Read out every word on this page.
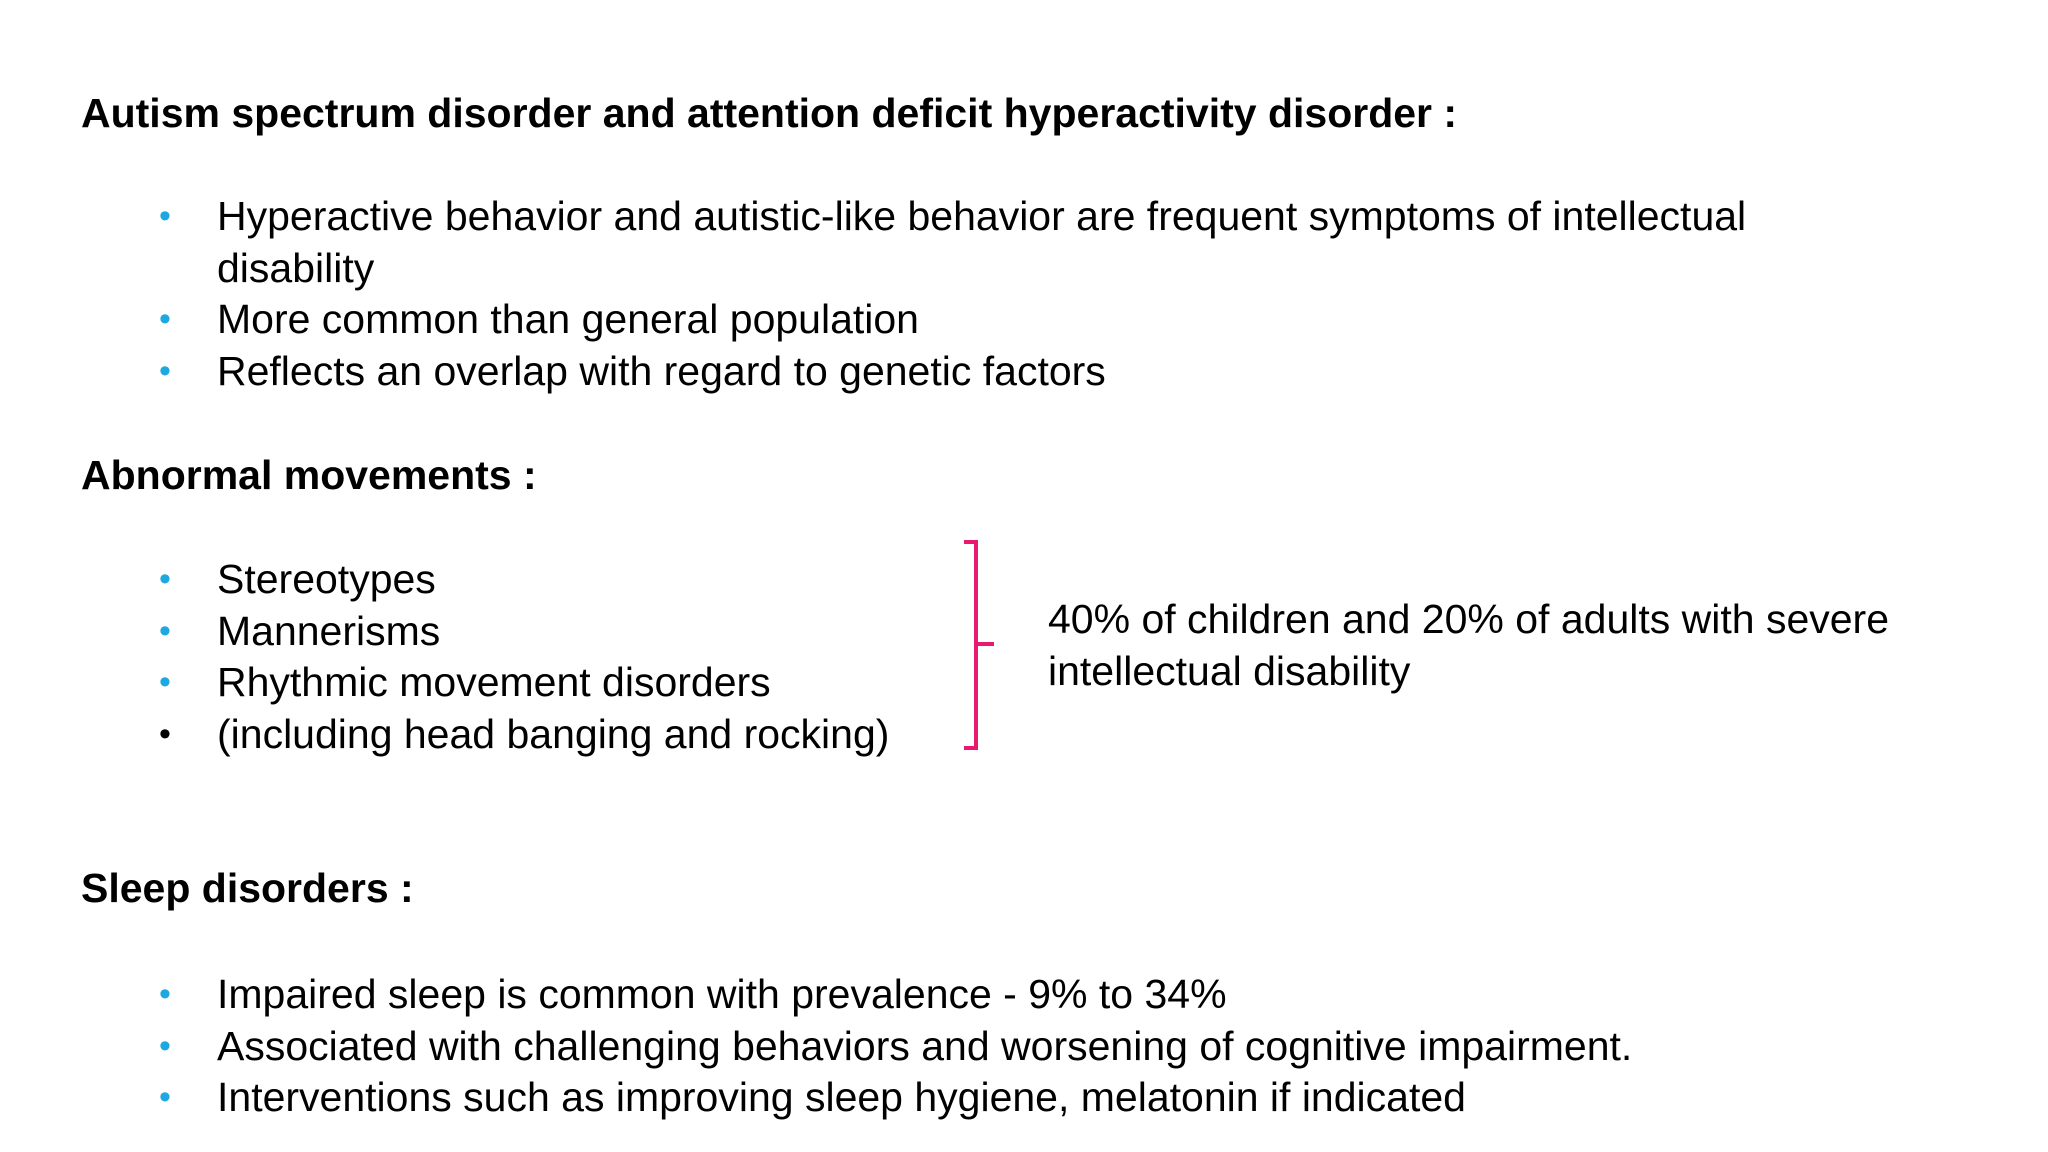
Autism spectrum disorder and attention deficit hyperactivity disorder :
• Hyperactive behavior and autistic-like behavior are frequent symptoms of intellectual disability
• More common than general population
• Reflects an overlap with regard to genetic factors
Abnormal movements :
• Stereotypes
• Mannerisms
• Rhythmic movement disorders
• (including head banging and rocking)

40% of children and 20% of adults with severe intellectual disability

Sleep disorders :
• Impaired sleep is common with prevalence - 9% to 34%
• Associated with challenging behaviors and worsening of cognitive impairment.
• Interventions such as improving sleep hygiene, melatonin if indicated
